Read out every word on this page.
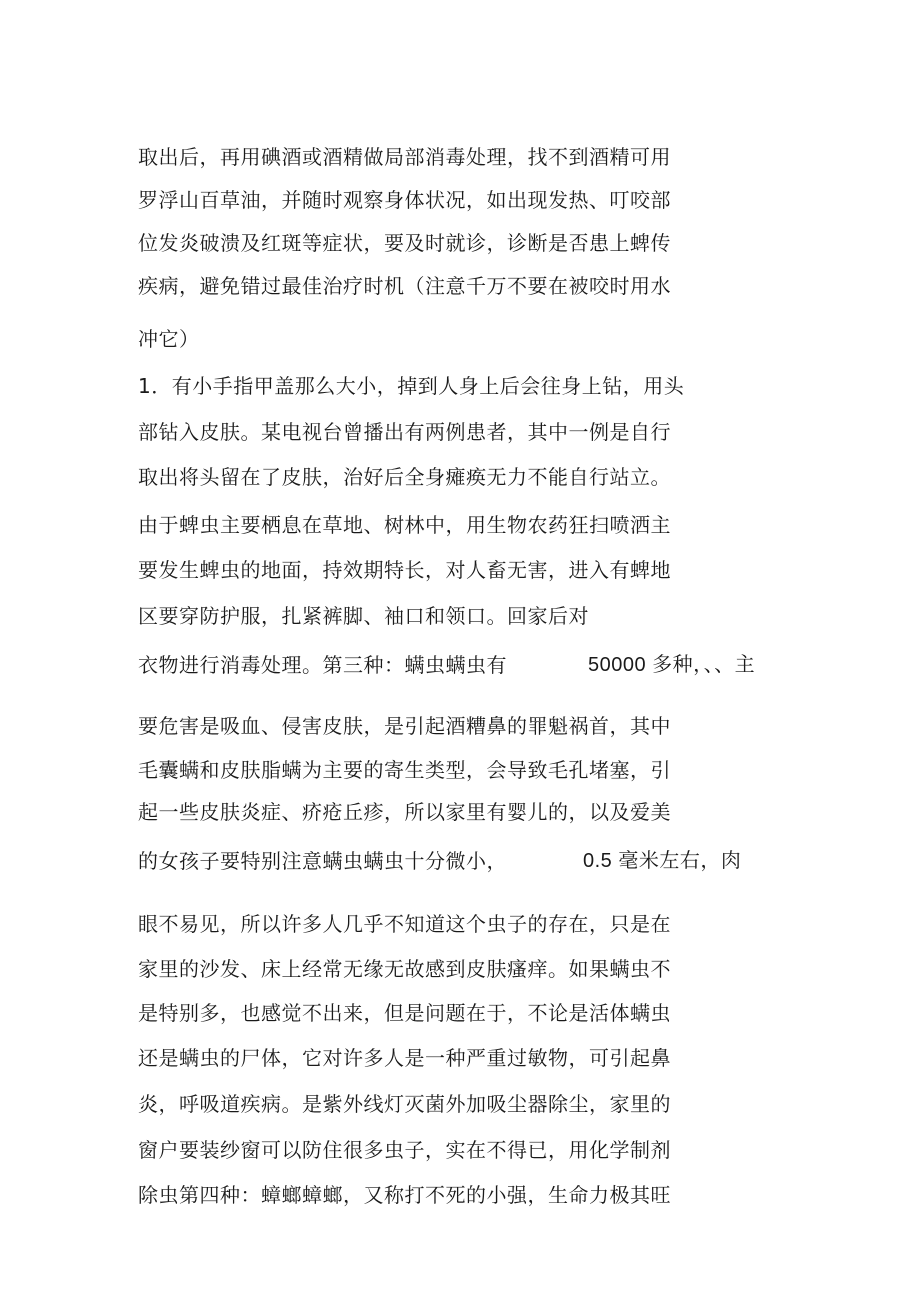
取出后，再用碘酒或酒精做局部消毒处理，找不到酒精可用

罗浮山百草油，并随时观察身体状况，如出现发热、叮咬部

位发炎破溃及红斑等症状，要及时就诊，诊断是否患上蜱传

疾病，避免错过最佳治疗时机（注意千万不要在被咬时用水

冲它）

1．有小手指甲盖那么大小，掉到人身上后会往身上钻，用头

部钻入皮肤。某电视台曾播出有两例患者，其中一例是自行

取出将头留在了皮肤，治好后全身瘫痪无力不能自行站立。

由于蜱虫主要栖息在草地、树林中，用生物农药狂扫喷洒主

要发生蜱虫的地面，持效期特长，对人畜无害，进入有蜱地

区要穿防护服，扎紧裤脚、袖口和领口。回家后对

衣物进行消毒处理。第三种：螨虫螨虫有	50000 多种，、、主

要危害是吸血、侵害皮肤，是引起酒糟鼻的罪魁祸首，其中

毛囊螨和皮肤脂螨为主要的寄生类型，会导致毛孔堵塞，引

起一些皮肤炎症、疥疮丘疹，所以家里有婴儿的，以及爱美

的女孩子要特别注意螨虫螨虫十分微小，	0.5 毫米左右，肉

眼不易见，所以许多人几乎不知道这个虫子的存在，只是在

家里的沙发、床上经常无缘无故感到皮肤瘙痒。如果螨虫不

是特别多，也感觉不出来，但是问题在于，不论是活体螨虫

还是螨虫的尸体，它对许多人是一种严重过敏物，可引起鼻

炎，呼吸道疾病。是紫外线灯灭菌外加吸尘器除尘，家里的

窗户要装纱窗可以防住很多虫子，实在不得已，用化学制剂

除虫第四种：蟑螂蟑螂，又称打不死的小强，生命力极其旺
